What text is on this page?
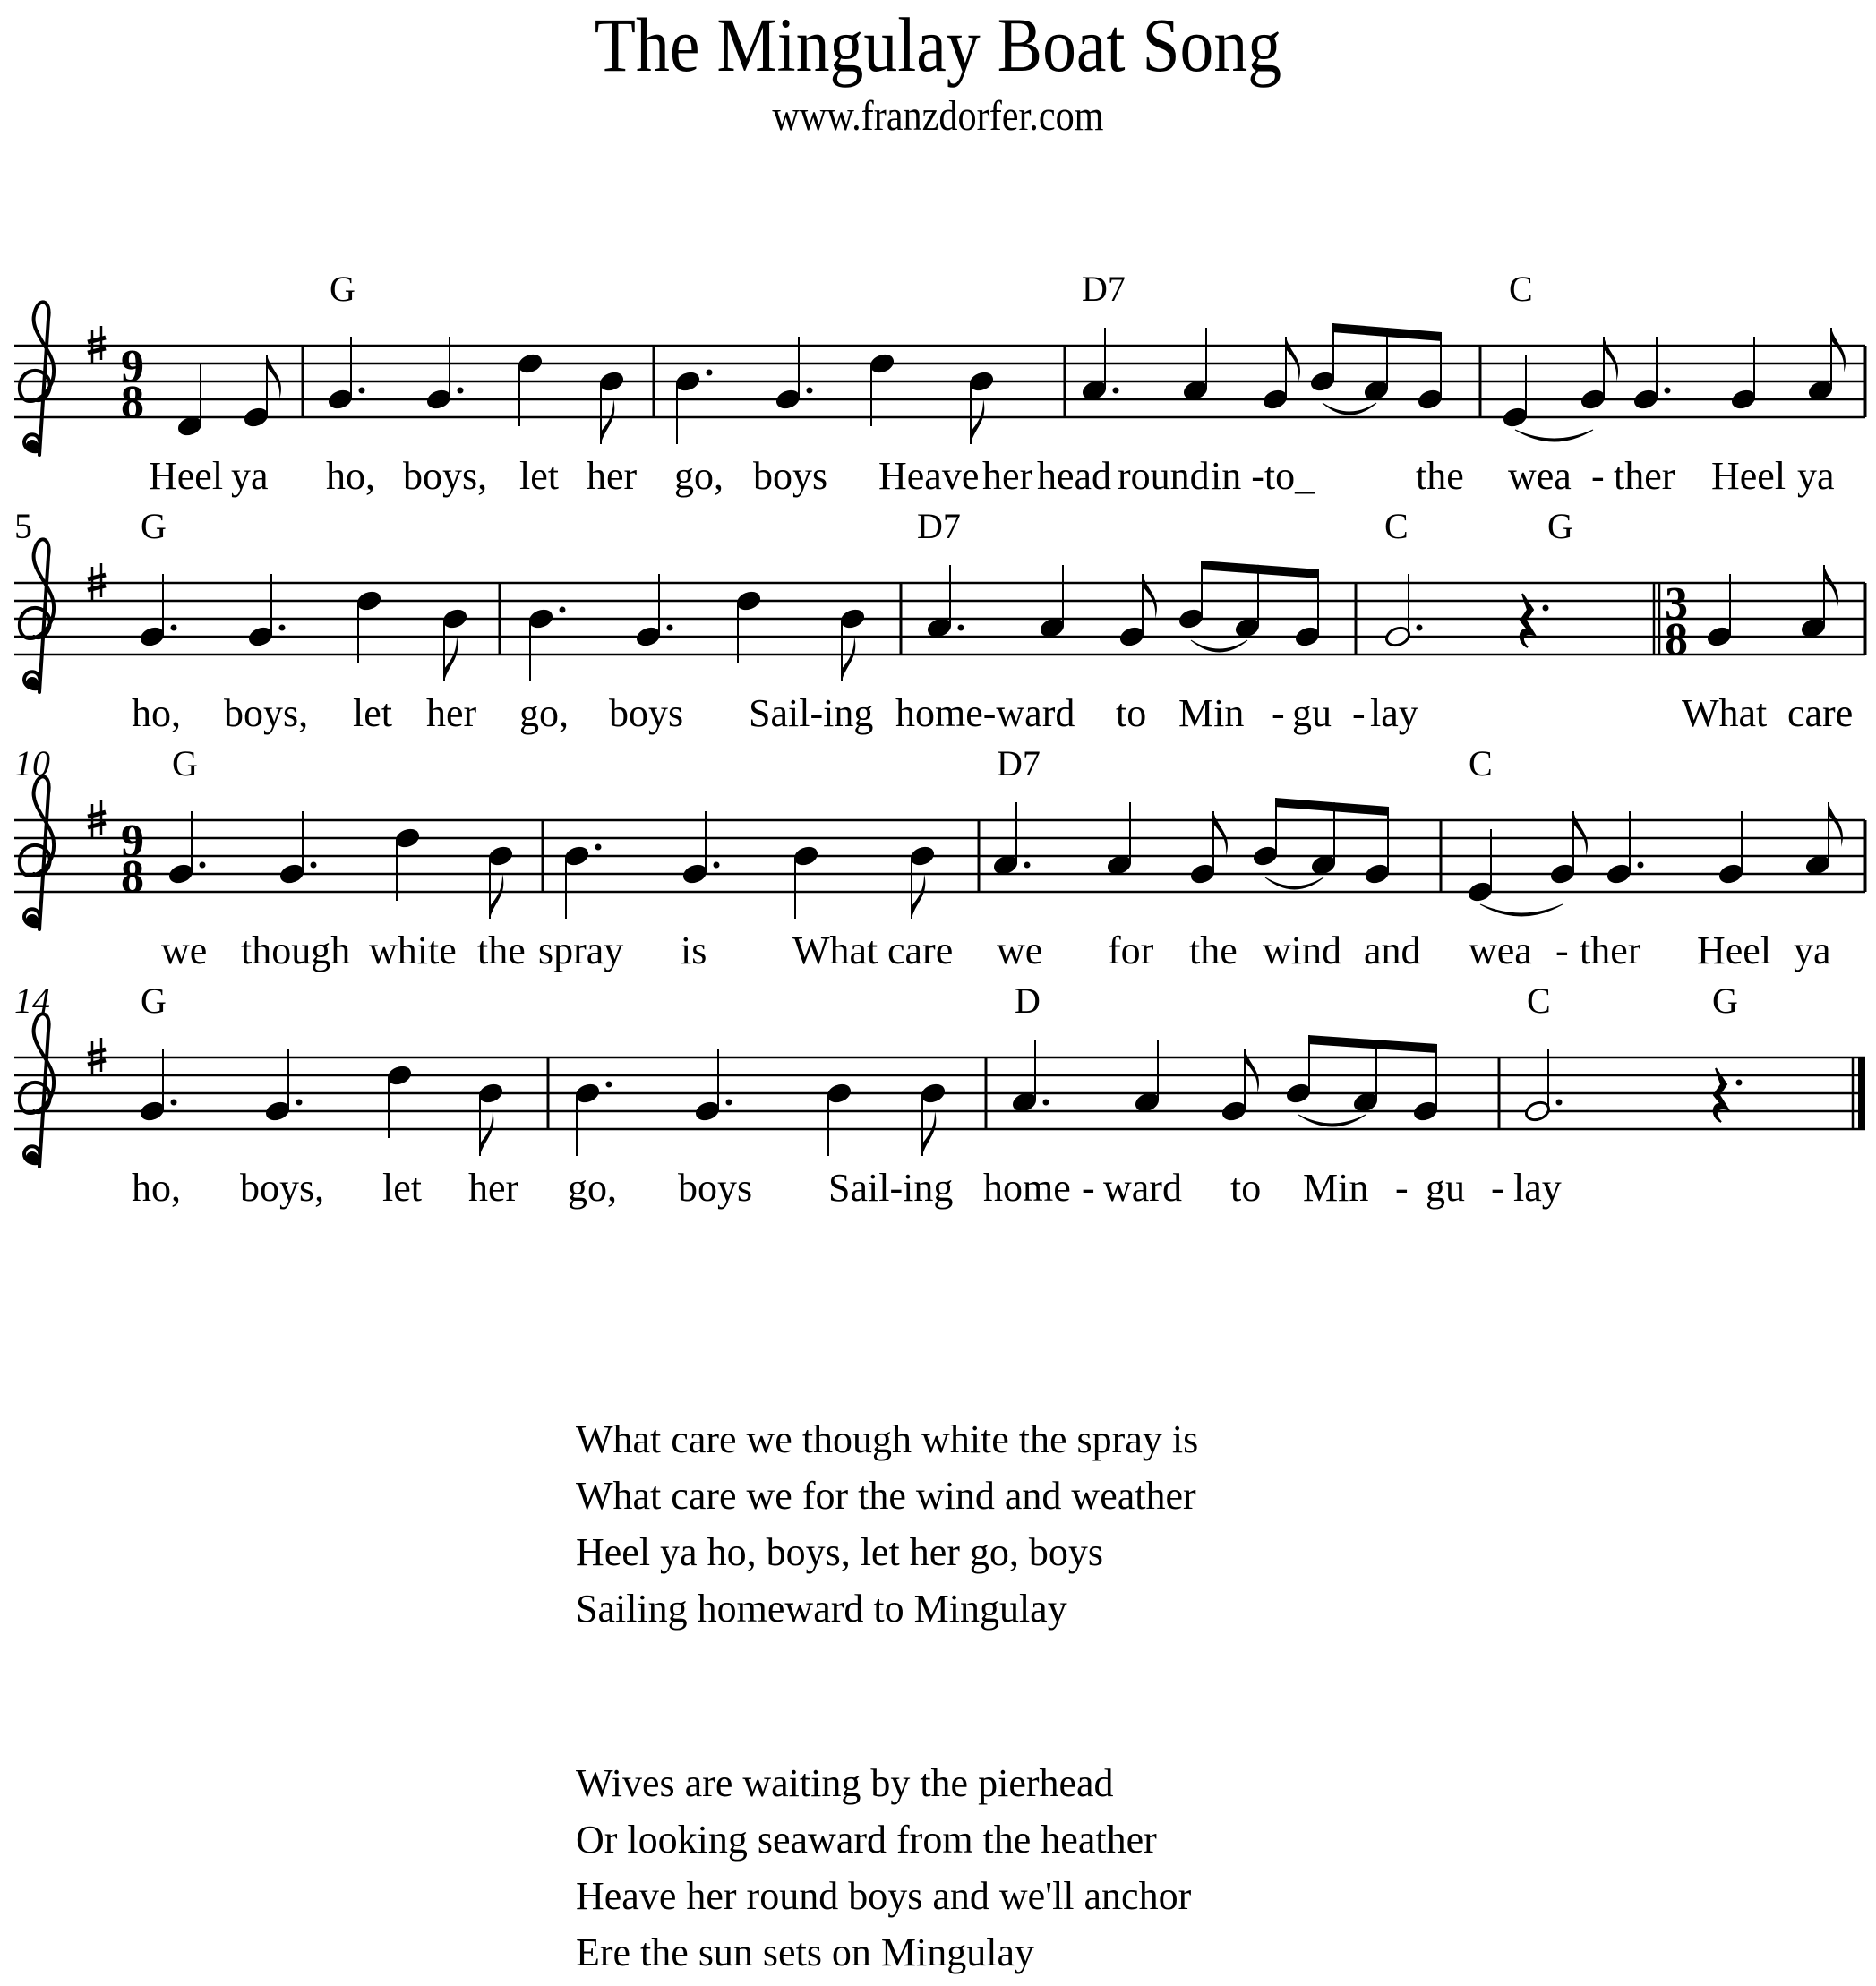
The Mingulay Boat Song
www.franzdorfer.com
9
8
G	D7	C
Heel ya ho, boys, let her go, boys Heave her head round in -to_	the wea - ther Heel ya
5
3
8
G	D7	C	G
ho, boys, let her go, boys Sail-ing home-ward to Min - gu - lay	What care
9
8
10	G	D7	C
we though white the spray is What care we for the wind and wea - ther Heel ya
14	G	D	C	G
ho, boys, let her go, boys Sail-ing home - ward to Min - gu - lay
What care we though white the spray is
What care we for the wind and weather
Heel ya ho, boys, let her go, boys
Sailing homeward to Mingulay
Wives are waiting by the pierhead
Or looking seaward from the heather
Heave her round boys and we'll anchor
Ere the sun sets on Mingulay
